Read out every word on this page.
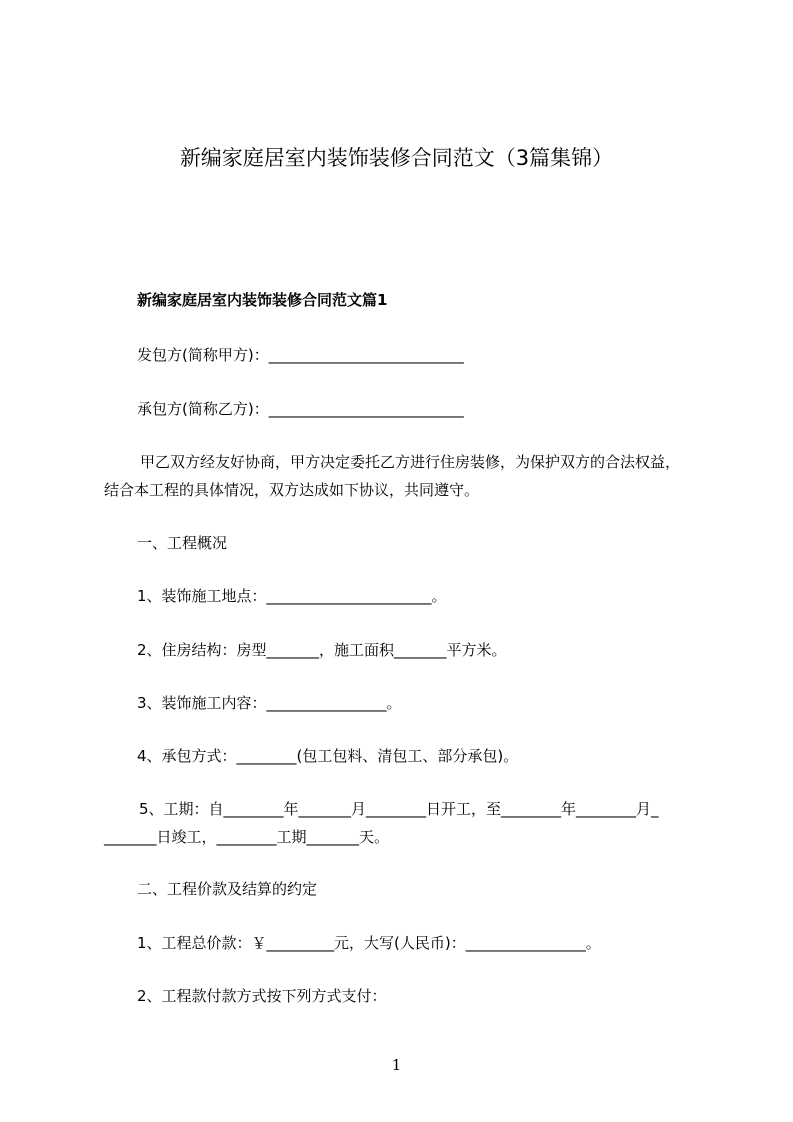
新编家庭居室内装饰装修合同范文（3篇集锦）
新编家庭居室内装饰装修合同范文篇1
发包方(简称甲方)：__________________________
承包方(简称乙方)：__________________________
甲乙双方经友好协商，甲方决定委托乙方进行住房装修，为保护双方的合法权益，
结合本工程的具体情况，双方达成如下协议，共同遵守。
一、工程概况
1、装饰施工地点：______________________。
2、住房结构：房型_______，施工面积_______平方米。
3、装饰施工内容：________________。
4、承包方式：________(包工包料、清包工、部分承包)。
5、工期：自________年_______月________日开工，至________年________月_
_______日竣工，________工期_______天。
二、工程价款及结算的约定
1、工程总价款：￥_________元，大写(人民币)：________________。
2、工程款付款方式按下列方式支付：
1
